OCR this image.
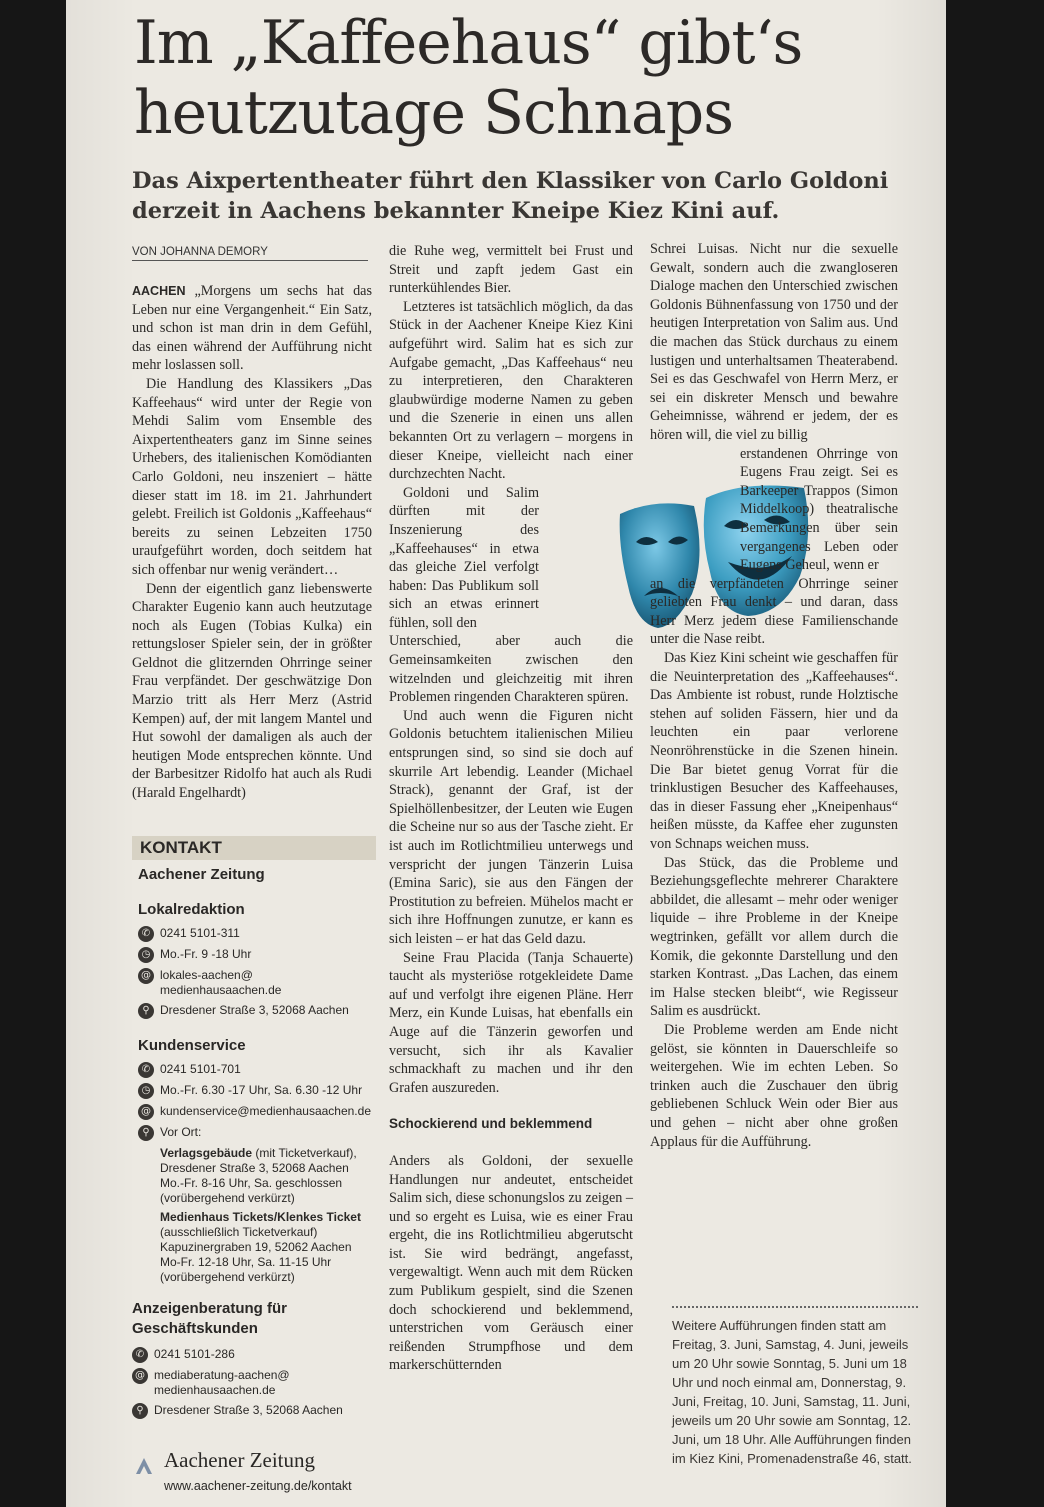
Im „Kaffeehaus“ gibt‘s heutzutage Schnaps
Das Aixpertentheater führt den Klassiker von Carlo Goldoni derzeit in Aachens bekannter Kneipe Kiez Kini auf.
VON JOHANNA DEMORY

AACHEN „Morgens um sechs hat das Leben nur eine Vergangenheit.“ Ein Satz, und schon ist man drin in dem Gefühl, das einen während der Aufführung nicht mehr loslassen soll.

Die Handlung des Klassikers „Das Kaffeehaus“ wird unter der Regie von Mehdi Salim vom Ensemble des Aixpertentheaters ganz im Sinne seines Urhebers, des italienischen Komödianten Carlo Goldoni, neu inszeniert – hätte dieser statt im 18. im 21. Jahrhundert gelebt. Freilich ist Goldonis „Kaffeehaus“ bereits zu seinen Lebzeiten 1750 uraufgeführt worden, doch seitdem hat sich offenbar nur wenig verändert…

Denn der eigentlich ganz liebenswerte Charakter Eugenio kann auch heutzutage noch als Eugen (Tobias Kulka) ein rettungsloser Spieler sein, der in größter Geldnot die glitzernden Ohrringe seiner Frau verpfändet. Der geschwätzige Don Marzio tritt als Herr Merz (Astrid Kempen) auf, der mit langem Mantel und Hut sowohl der damaligen als auch der heutigen Mode entsprechen könnte. Und der Barbesitzer Ridolfo hat auch als Rudi (Harald Engelhardt)

KONTAKT
Aachener Zeitung
Lokalredaktion
✆ 0241 5101-311
◷ Mo.-Fr. 9 -18 Uhr
@ lokales-aachen@ medienhausaachen.de
⚲ Dresdener Straße 3, 52068 Aachen
Kundenservice
✆ 0241 5101-701
◷ Mo.-Fr. 6.30 -17 Uhr, Sa. 6.30 -12 Uhr
@ kundenservice@medienhausaachen.de
⚲ Vor Ort:
Verlagsgebäude (mit Ticketverkauf),
Dresdener Straße 3, 52068 Aachen
Mo.-Fr. 8-16 Uhr, Sa. geschlossen
(vorübergehend verkürzt)
Medienhaus Tickets/Klenkes Ticket
(ausschließlich Ticketverkauf)
Kapuzinergraben 19, 52062 Aachen
Mo-Fr. 12-18 Uhr, Sa. 11-15 Uhr
(vorübergehend verkürzt)
Anzeigenberatung für Geschäftskunden
✆ 0241 5101-286
@ mediaberatung-aachen@ medienhausaachen.de
⚲ Dresdener Straße 3, 52068 Aachen

die Ruhe weg, vermittelt bei Frust und Streit und zapft jedem Gast ein runterkühlendes Bier.

Letzteres ist tatsächlich möglich, da das Stück in der Aachener Kneipe Kiez Kini aufgeführt wird. Salim hat es sich zur Aufgabe gemacht, „Das Kaffeehaus“ neu zu interpretieren, den Charakteren glaubwürdige moderne Namen zu geben und die Szenerie in einen uns allen bekannten Ort zu verlagern – morgens in dieser Kneipe, vielleicht nach einer durchzechten Nacht.

Goldoni und Salim dürften mit der Inszenierung des „Kaffeehauses“ in etwa das gleiche Ziel verfolgt haben: Das Publikum soll sich an etwas erinnert fühlen, soll den

Unterschied, aber auch die Gemeinsamkeiten zwischen den witzelnden und gleichzeitig mit ihren Problemen ringenden Charakteren spüren.

Und auch wenn die Figuren nicht Goldonis betuchtem italienischen Milieu entsprungen sind, so sind sie doch auf skurrile Art lebendig. Leander (Michael Strack), genannt der Graf, ist der Spielhöllenbesitzer, der Leuten wie Eugen die Scheine nur so aus der Tasche zieht. Er ist auch im Rotlichtmilieu unterwegs und verspricht der jungen Tänzerin Luisa (Emina Saric), sie aus den Fängen der Prostitution zu befreien. Mühelos macht er sich ihre Hoffnungen zunutze, er kann es sich leisten – er hat das Geld dazu.

Seine Frau Placida (Tanja Schauerte) taucht als mysteriöse rotgekleidete Dame auf und verfolgt ihre eigenen Pläne. Herr Merz, ein Kunde Luisas, hat ebenfalls ein Auge auf die Tänzerin geworfen und versucht, sich ihr als Kavalier schmackhaft zu machen und ihr den Grafen auszureden.

Schockierend und beklemmend

Anders als Goldoni, der sexuelle Handlungen nur andeutet, entscheidet Salim sich, diese schonungslos zu zeigen – und so ergeht es Luisa, wie es einer Frau ergeht, die ins Rotlichtmilieu abgerutscht ist. Sie wird bedrängt, angefasst, vergewaltigt. Wenn auch mit dem Rücken zum Publikum gespielt, sind die Szenen doch schockierend und beklemmend, unterstrichen vom Geräusch einer reißenden Strumpfhose und dem markerschütternden

Schrei Luisas. Nicht nur die sexuelle Gewalt, sondern auch die zwangloseren Dialoge machen den Unterschied zwischen Goldonis Bühnenfassung von 1750 und der heutigen Interpretation von Salim aus. Und die machen das Stück durchaus zu einem lustigen und unterhaltsamen Theaterabend. Sei es das Geschwafel von Herrn Merz, er sei ein diskreter Mensch und bewahre Geheimnisse, während er jedem, der es hören will, die viel zu billig

erstandenen Ohrringe von Eugens Frau zeigt. Sei es Barkeeper Trappos (Simon Middelkoop) theatralische Bemerkungen über sein vergangenes Leben oder Eugens Geheul, wenn er

an die verpfändeten Ohrringe seiner geliebten Frau denkt – und daran, dass Herr Merz jedem diese Familienschande unter die Nase reibt.

Das Kiez Kini scheint wie geschaffen für die Neuinterpretation des „Kaffeehauses“. Das Ambiente ist robust, runde Holztische stehen auf soliden Fässern, hier und da leuchten ein paar verlorene Neonröhrenstücke in die Szenen hinein. Die Bar bietet genug Vorrat für die trinklustigen Besucher des Kaffeehauses, das in dieser Fassung eher „Kneipenhaus“ heißen müsste, da Kaffee eher zugunsten von Schnaps weichen muss.

Das Stück, das die Probleme und Beziehungsgeflechte mehrerer Charaktere abbildet, die allesamt – mehr oder weniger liquide – ihre Probleme in der Kneipe wegtrinken, gefällt vor allem durch die Komik, die gekonnte Darstellung und den starken Kontrast. „Das Lachen, das einem im Halse stecken bleibt“, wie Regisseur Salim es ausdrückt.

Die Probleme werden am Ende nicht gelöst, sie könnten in Dauerschleife so weitergehen. Wie im echten Leben. So trinken auch die Zuschauer den übrig gebliebenen Schluck Wein oder Bier aus und gehen – nicht aber ohne großen Applaus für die Aufführung.

Weitere Aufführungen finden statt am Freitag, 3. Juni, Samstag, 4. Juni, jeweils um 20 Uhr sowie Sonntag, 5. Juni um 18 Uhr und noch einmal am, Donnerstag, 9. Juni, Freitag, 10. Juni, Samstag, 11. Juni, jeweils um 20 Uhr sowie am Sonntag, 12. Juni, um 18 Uhr. Alle Aufführungen finden im Kiez Kini, Promenadenstraße 46, statt.
Aachener Zeitung
www.aachener-zeitung.de/kontakt
